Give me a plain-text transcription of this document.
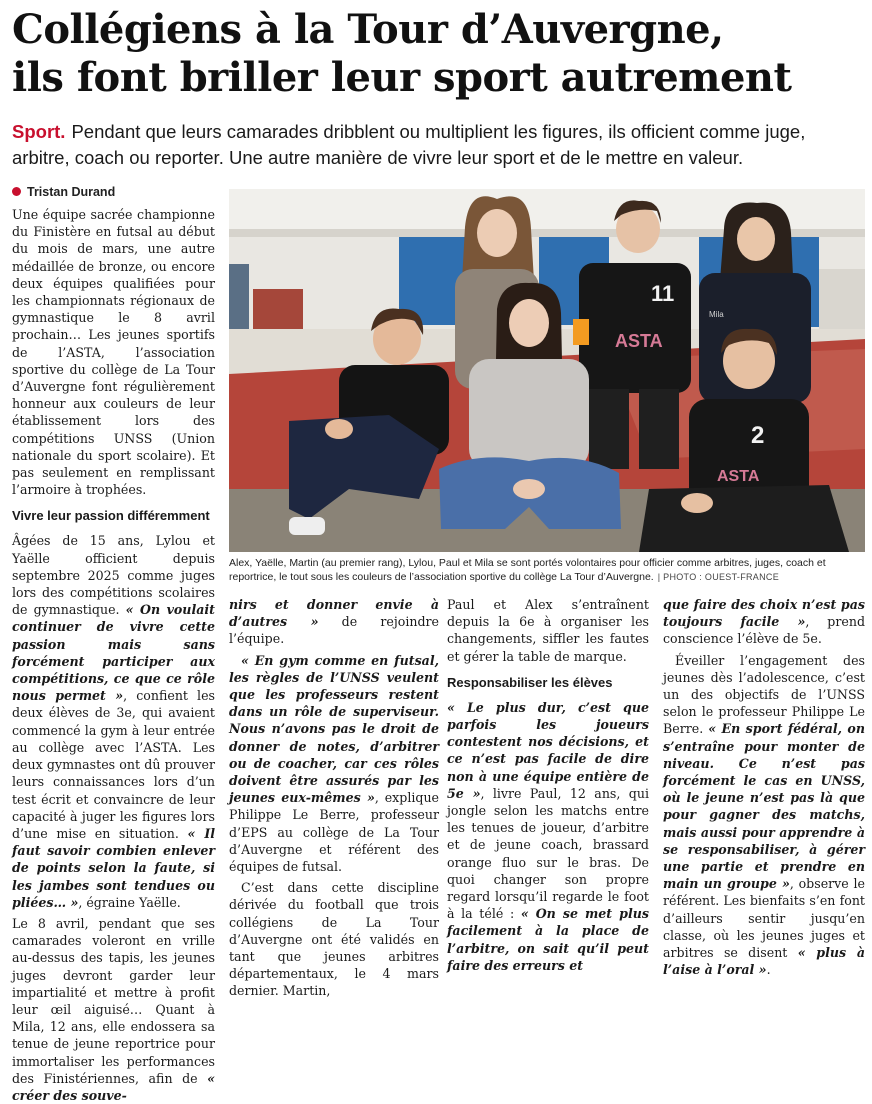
Collégiens à la Tour d’Auvergne,
ils font briller leur sport autrement

Sport. Pendant que leurs camarades dribblent ou multiplient les figures, ils officient comme juge, arbitre, coach ou reporter. Une autre manière de vivre leur sport et de le mettre en valeur.

Tristan Durand

Une équipe sacrée championne du Finistère en futsal au début du mois de mars, une autre médaillée de bronze, ou encore deux équipes qualifiées pour les championnats régionaux de gymnastique le 8 avril prochain… Les jeunes sportifs de l’ASTA, l’association sportive du collège de La Tour d’Auvergne font régulièrement honneur aux couleurs de leur établissement lors des compétitions UNSS (Union nationale du sport scolaire). Et pas seulement en remplissant l’armoire à trophées.

Vivre leur passion différemment

Âgées de 15 ans, Lylou et Yaëlle officient depuis septembre 2025 comme juges lors des compétitions scolaires de gymnastique. « On voulait continuer de vivre cette passion mais sans forcément participer aux compétitions, ce que ce rôle nous permet », confient les deux élèves de 3e, qui avaient commencé la gym à leur entrée au collège avec l’ASTA. Les deux gymnastes ont dû prouver leurs connaissances lors d’un test écrit et convaincre de leur capacité à juger les figures lors d’une mise en situation. « Il faut savoir combien enlever de points selon la faute, si les jambes sont tendues ou pliées… », égraine Yaëlle.

Le 8 avril, pendant que ses camarades voleront en vrille au-dessus des tapis, les jeunes juges devront garder leur impartialité et mettre à profit leur œil aiguisé… Quant à Mila, 12 ans, elle endossera sa tenue de jeune reportrice pour immortaliser les performances des Finistériennes, afin de « créer des souve-

11
ASTA
Mila
2
ASTA
Alex, Yaëlle, Martin (au premier rang), Lylou, Paul et Mila se sont portés volontaires pour officier comme arbitres, juges, coach et reportrice, le tout sous les couleurs de l’association sportive du collège La Tour d’Auvergne. | PHOTO : OUEST-FRANCE

nirs et donner envie à d’autres » de rejoindre l’équipe.

« En gym comme en futsal, les règles de l’UNSS veulent que les professeurs restent dans un rôle de superviseur. Nous n’avons pas le droit de donner de notes, d’arbitrer ou de coacher, car ces rôles doivent être assurés par les jeunes eux-mêmes », explique Philippe Le Berre, professeur d’EPS au collège de La Tour d’Auvergne et référent des équipes de futsal.

C’est dans cette discipline dérivée du football que trois collégiens de La Tour d’Auvergne ont été validés en tant que jeunes arbitres départementaux, le 4 mars dernier. Martin,

Paul et Alex s’entraînent depuis la 6e à organiser les changements, siffler les fautes et gérer la table de marque.

Responsabiliser les élèves

« Le plus dur, c’est que parfois les joueurs contestent nos décisions, et ce n’est pas facile de dire non à une équipe entière de 5e », livre Paul, 12 ans, qui jongle selon les matchs entre les tenues de joueur, d’arbitre et de jeune coach, brassard orange fluo sur le bras. De quoi changer son propre regard lorsqu’il regarde le foot à la télé : « On se met plus facilement à la place de l’arbitre, on sait qu’il peut faire des erreurs et

que faire des choix n’est pas toujours facile », prend conscience l’élève de 5e.

Éveiller l’engagement des jeunes dès l’adolescence, c’est un des objectifs de l’UNSS selon le professeur Philippe Le Berre. « En sport fédéral, on s’entraîne pour monter de niveau. Ce n’est pas forcément le cas en UNSS, où le jeune n’est pas là que pour gagner des matchs, mais aussi pour apprendre à se responsabiliser, à gérer une partie et prendre en main un groupe », observe le référent. Les bienfaits s’en font d’ailleurs sentir jusqu’en classe, où les jeunes juges et arbitres se disent « plus à l’aise à l’oral ».
